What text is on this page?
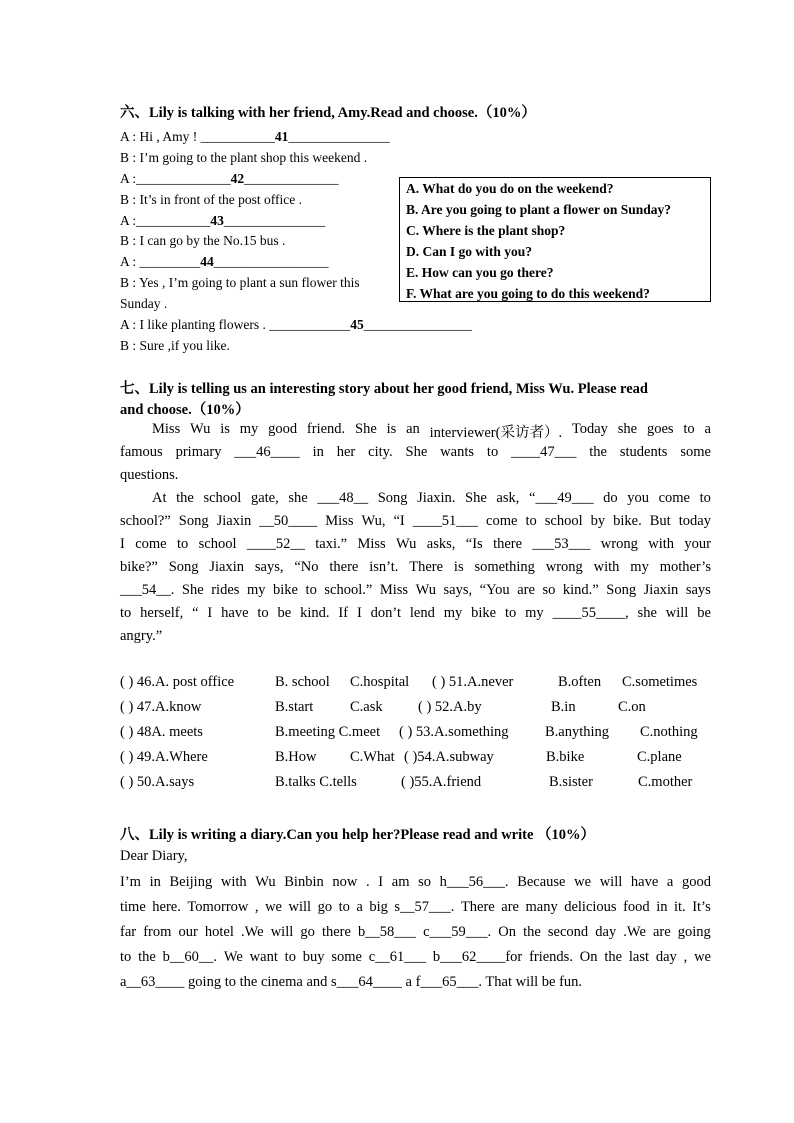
六、Lily is talking with her friend, Amy.Read and choose.（10%）
A : Hi , Amy ! ___________41_______________
B : I’m going to the plant shop this weekend .
A :______________42______________
B : It’s in front of the post office .
A :___________43_______________
B : I can go by the No.15 bus .
A : _________44_________________
B : Yes , I’m going to plant a sun flower this
Sunday .
A : I like planting flowers . ____________45________________
B : Sure ,if you like.
A. What do you do on the weekend?
B. Are you going to plant a flower on Sunday?
C. Where is the plant shop?
D. Can I go with you?
E. How can you go there?
F. What are you going to do this weekend?
七、Lily is telling us an interesting story about her good friend, Miss Wu. Please read
and choose.（10%）
Miss Wu is my good friend. She is an interviewer(采访者）. Today she goes to a
famous primary ___46____ in her city. She wants to ____47___ the students some
questions.
At the school gate, she ___48__ Song Jiaxin. She ask, “___49___ do you come to
school?” Song Jiaxin __50____ Miss Wu, “I ____51___ come to school by bike. But today
I come to school ____52__ taxi.” Miss Wu asks, “Is there ___53___ wrong with your
bike?” Song Jiaxin says, “No there isn’t. There is something wrong with my mother’s
___54__. She rides my bike to school.” Miss Wu says, “You are so kind.” Song Jiaxin says
to herself, “ I have to be kind. If I don’t lend my bike to my ____55____, she will be
angry.”
( ) 46.A. post office	B. school C.hospital
( ) 47.A.know	B.start	C.ask
( ) 48A. meets	B.meeting C.meet
( ) 49.A.Where	B.How C.What
( ) 50.A.says	B.talks C.tells
( ) 51.A.never	B.often C.sometimes
( ) 52.A.by	B.in	C.on
( ) 53.A.something	B.anything C.nothing
( )54.A.subway	B.bike	C.plane
( )55.A.friend	B.sister	C.mother
八、Lily is writing a diary.Can you help her?Please read and write （10%）
Dear Diary,
I’m in Beijing with Wu Binbin now . I am so h___56___. Because we will have a good
time here. Tomorrow , we will go to a big s__57___. There are many delicious food in it. It’s
far from our hotel .We will go there b__58___ c___59___. On the second day .We are going
to the b__60__. We want to buy some c__61___ b___62____for friends. On the last day , we
a__63____ going to the cinema and s___64____ a f___65___. That will be fun.
